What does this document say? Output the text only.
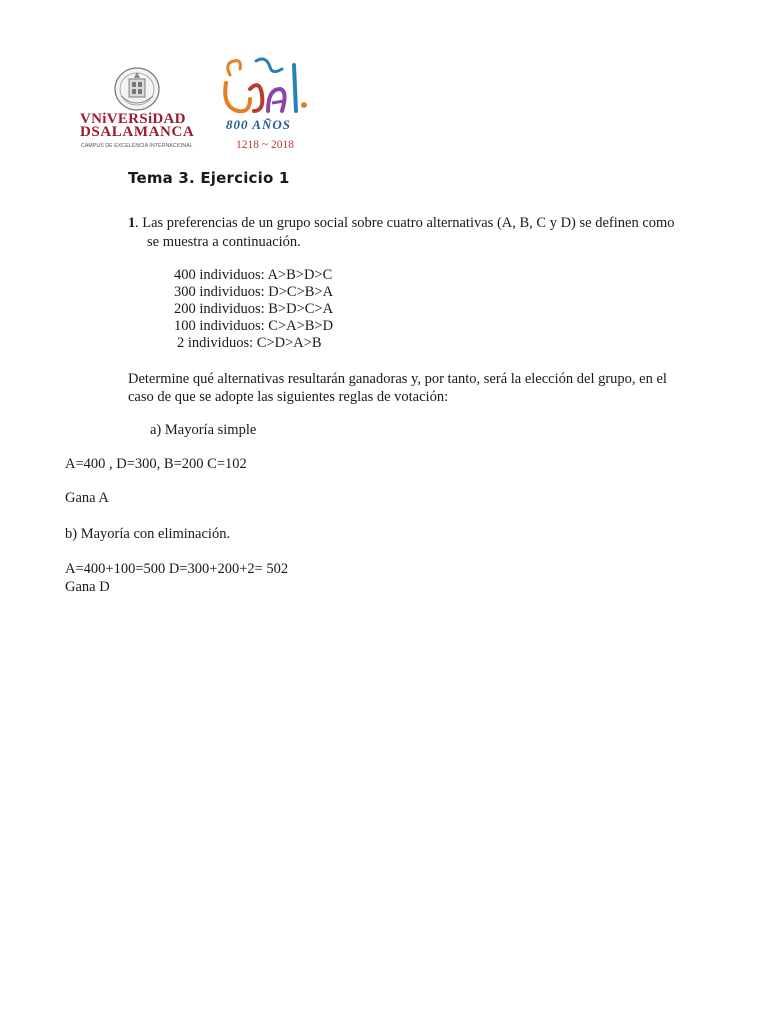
VNiVERSiDAD
DSALAMANCA
CAMPUS DE EXCELENCIA INTERNACIONAL
800 AÑOS
1218 ~ 2018
Tema 3. Ejercicio 1
1 . Las preferencias de un grupo social sobre cuatro alternativas (A, B, C y D) se definen como
se muestra a continuación.
400 individuos: A>B>D>C
300 individuos: D>C>B>A
200 individuos: B>D>C>A
100 individuos: C>A>B>D
2 individuos: C>D>A>B
Determine qué alternativas resultarán ganadoras y, por tanto, será la elección del grupo, en el
caso de que se adopte las siguientes reglas de votación:
a) Mayoría simple
A=400 , D=300, B=200 C=102
Gana A
b) Mayoría con eliminación.
A=400+100=500 D=300+200+2= 502
Gana D
